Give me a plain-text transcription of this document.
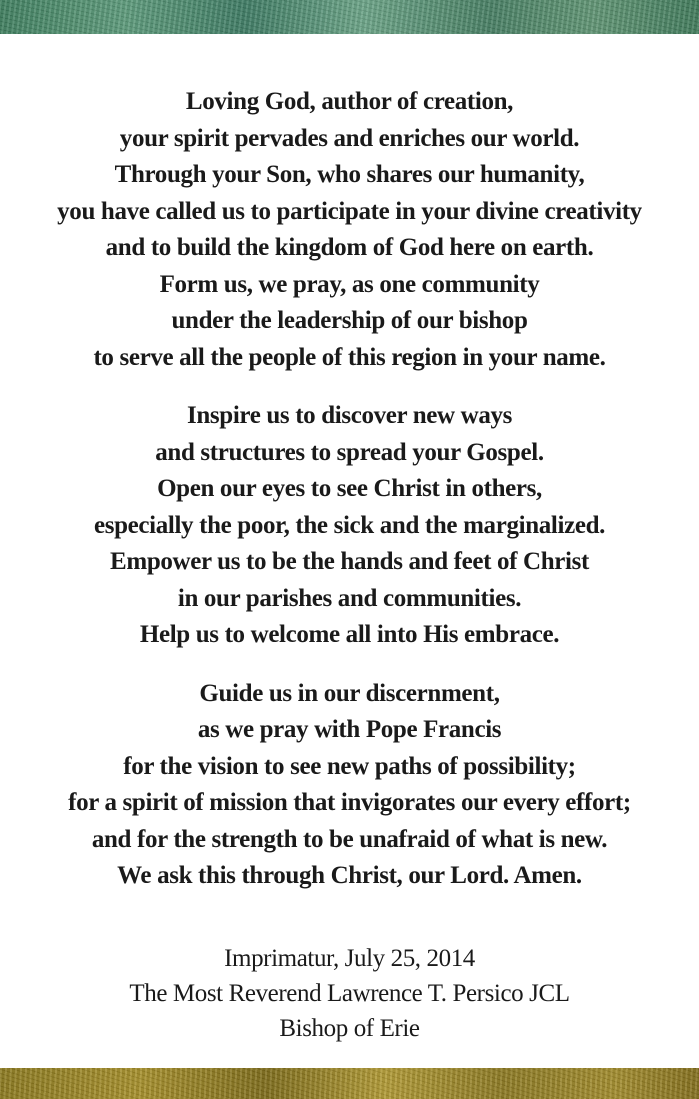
Loving God, author of creation,
your spirit pervades and enriches our world.
Through your Son, who shares our humanity,
you have called us to participate in your divine creativity
and to build the kingdom of God here on earth.
Form us, we pray, as one community
under the leadership of our bishop
to serve all the people of this region in your name.
Inspire us to discover new ways
and structures to spread your Gospel.
Open our eyes to see Christ in others,
especially the poor, the sick and the marginalized.
Empower us to be the hands and feet of Christ
in our parishes and communities.
Help us to welcome all into His embrace.
Guide us in our discernment,
as we pray with Pope Francis
for the vision to see new paths of possibility;
for a spirit of mission that invigorates our every effort;
and for the strength to be unafraid of what is new.
We ask this through Christ, our Lord. Amen.
Imprimatur, July 25, 2014
The Most Reverend Lawrence T. Persico JCL
Bishop of Erie
